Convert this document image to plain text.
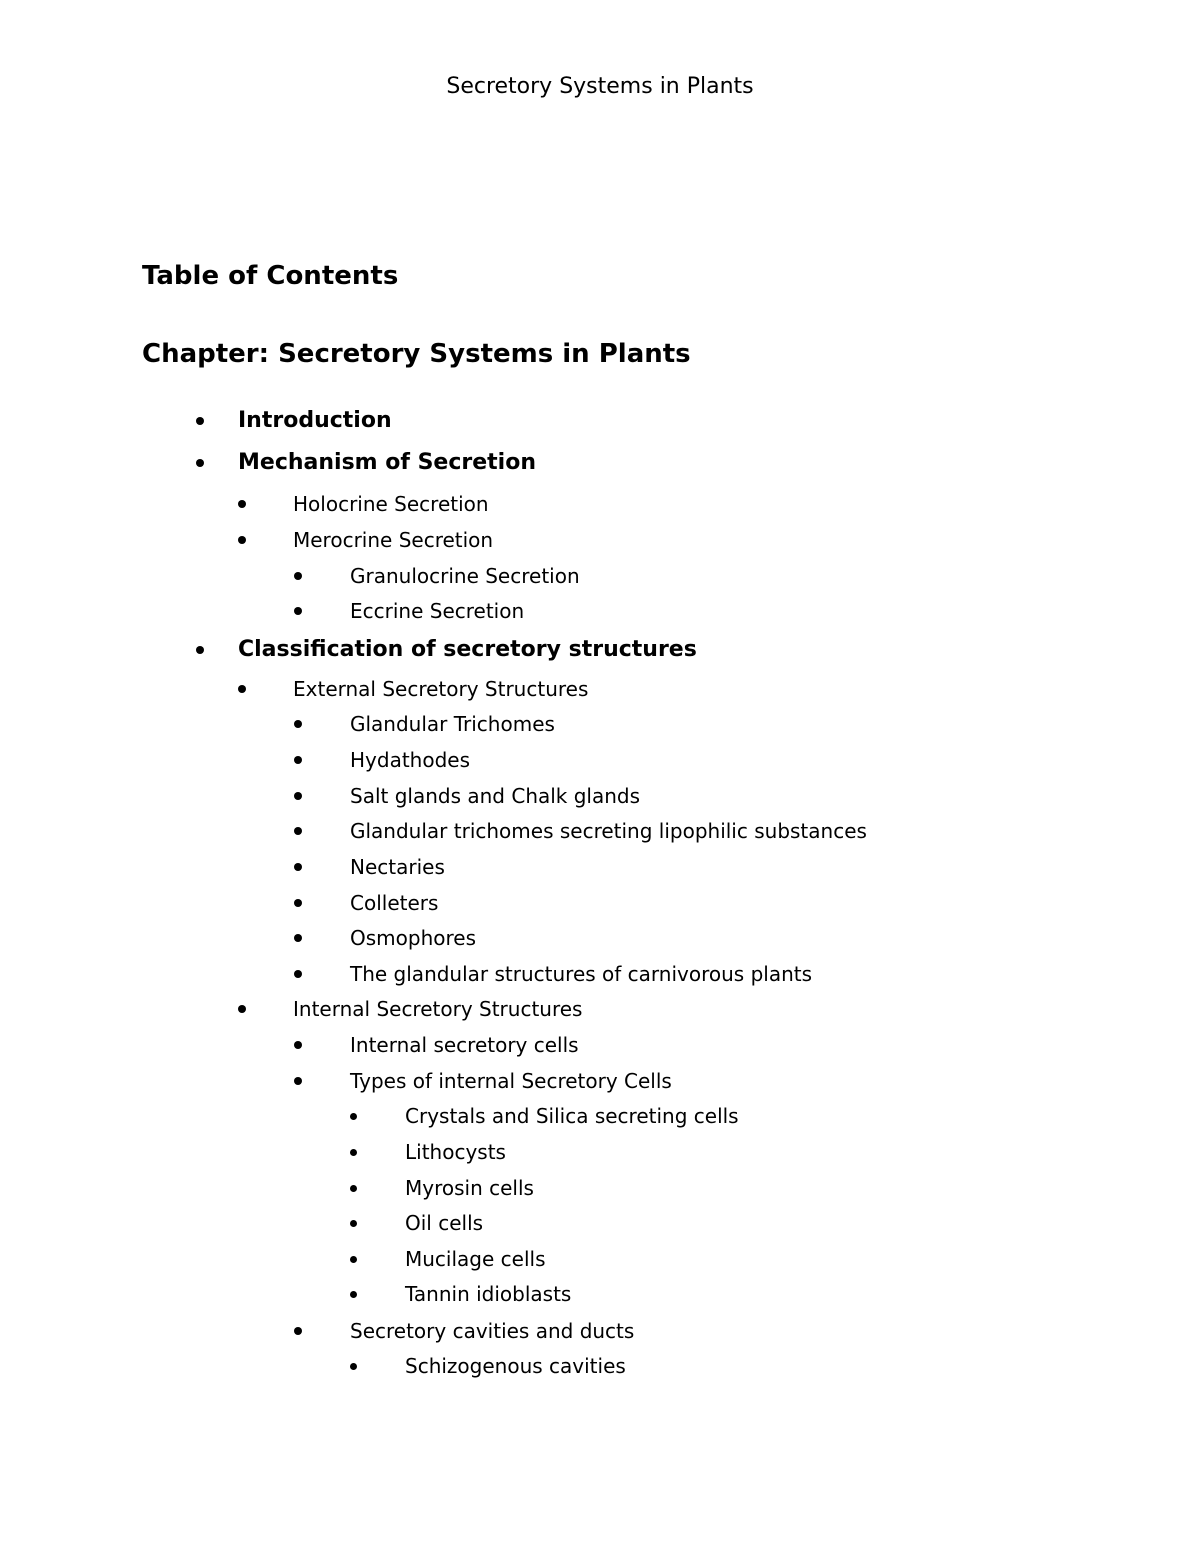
Secretory Systems in Plants
Table of Contents
Chapter: Secretory Systems in Plants
Introduction
Mechanism of Secretion
Holocrine Secretion
Merocrine Secretion
Granulocrine Secretion
Eccrine Secretion
Classification of secretory structures
External Secretory Structures
Glandular Trichomes
Hydathodes
Salt glands and Chalk glands
Glandular trichomes secreting lipophilic substances
Nectaries
Colleters
Osmophores
The glandular structures of carnivorous plants
Internal Secretory Structures
Internal secretory cells
Types of internal Secretory Cells
Crystals and Silica secreting cells
Lithocysts
Myrosin cells
Oil cells
Mucilage cells
Tannin idioblasts
Secretory cavities and ducts
Schizogenous cavities
